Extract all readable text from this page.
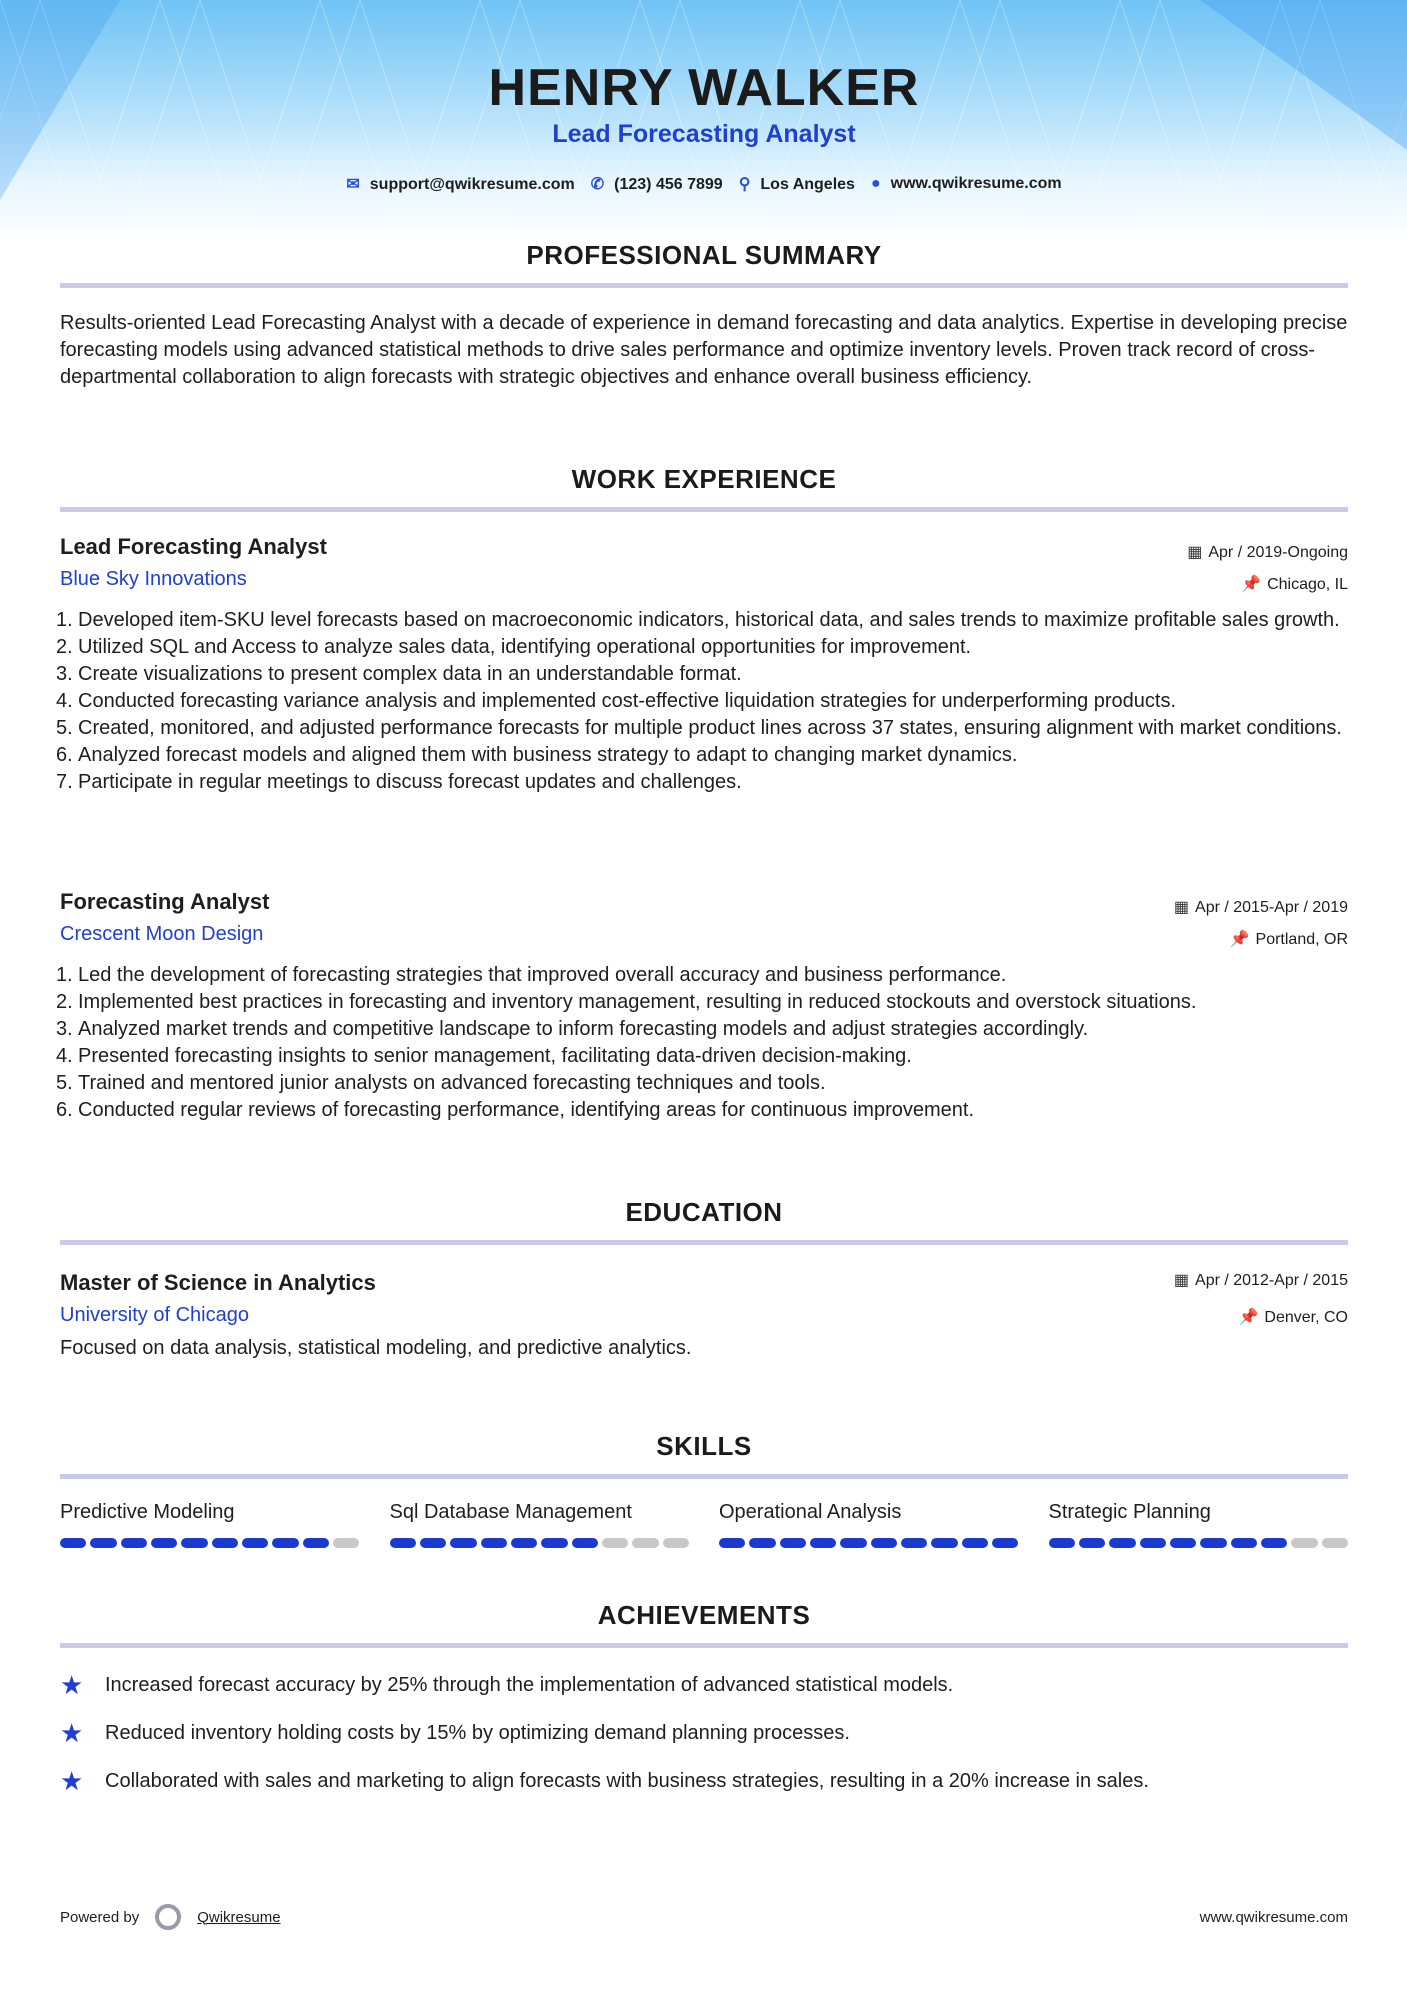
HENRY WALKER
Lead Forecasting Analyst
✉ support@qwikresume.com ✆ (123) 456 7899 ⚲ Los Angeles ● www.qwikresume.com
PROFESSIONAL SUMMARY

Results-oriented Lead Forecasting Analyst with a decade of experience in demand forecasting and data analytics. Expertise in developing precise forecasting models using advanced statistical methods to drive sales performance and optimize inventory levels. Proven track record of cross-departmental collaboration to align forecasts with strategic objectives and enhance overall business efficiency.

WORK EXPERIENCE
Lead Forecasting Analyst
Blue Sky Innovations
▦ Apr / 2019-Ongoing
📌 Chicago, IL
Developed item-SKU level forecasts based on macroeconomic indicators, historical data, and sales trends to maximize profitable sales growth.
Utilized SQL and Access to analyze sales data, identifying operational opportunities for improvement.
Create visualizations to present complex data in an understandable format.
Conducted forecasting variance analysis and implemented cost-effective liquidation strategies for underperforming products.
Created, monitored, and adjusted performance forecasts for multiple product lines across 37 states, ensuring alignment with market conditions.
Analyzed forecast models and aligned them with business strategy to adapt to changing market dynamics.
Participate in regular meetings to discuss forecast updates and challenges.
Forecasting Analyst
Crescent Moon Design
▦ Apr / 2015-Apr / 2019
📌 Portland, OR
Led the development of forecasting strategies that improved overall accuracy and business performance.
Implemented best practices in forecasting and inventory management, resulting in reduced stockouts and overstock situations.
Analyzed market trends and competitive landscape to inform forecasting models and adjust strategies accordingly.
Presented forecasting insights to senior management, facilitating data-driven decision-making.
Trained and mentored junior analysts on advanced forecasting techniques and tools.
Conducted regular reviews of forecasting performance, identifying areas for continuous improvement.
EDUCATION
Master of Science in Analytics
University of Chicago
▦ Apr / 2012-Apr / 2015
📌 Denver, CO

Focused on data analysis, statistical modeling, and predictive analytics.

SKILLS
Predictive Modeling	Sql Database Management	Operational Analysis	Strategic Planning
ACHIEVEMENTS
★	Increased forecast accuracy by 25% through the implementation of advanced statistical models.
★	Reduced inventory holding costs by 15% by optimizing demand planning processes.
★	Collaborated with sales and marketing to align forecasts with business strategies, resulting in a 20% increase in sales.
Powered by	Qwikresume	www.qwikresume.com
